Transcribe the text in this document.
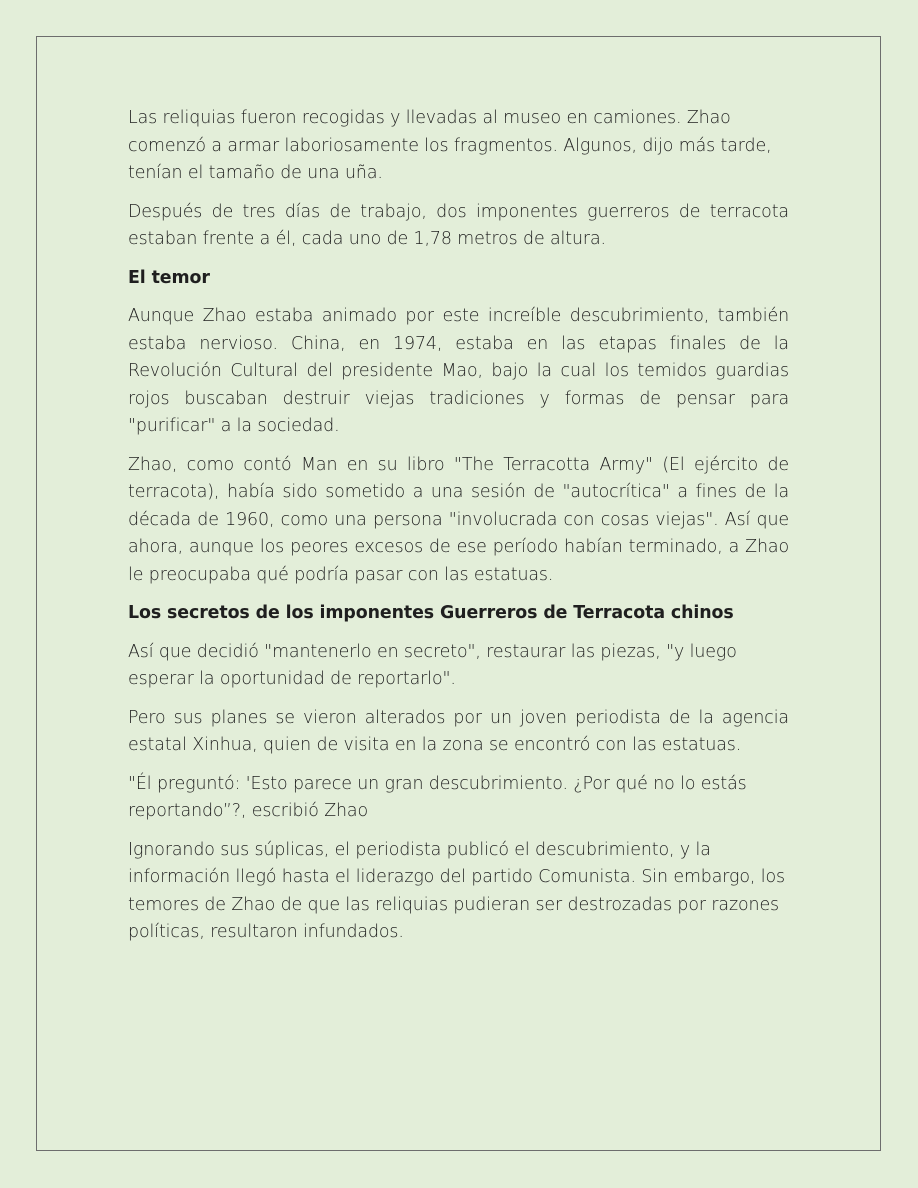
Las reliquias fueron recogidas y llevadas al museo en camiones. Zhao comenzó a armar laboriosamente los fragmentos. Algunos, dijo más tarde, tenían el tamaño de una uña.

Después de tres días de trabajo, dos imponentes guerreros de terracota estaban frente a él, cada uno de 1,78 metros de altura.

El temor

Aunque Zhao estaba animado por este increíble descubrimiento, también estaba nervioso. China, en 1974, estaba en las etapas finales de la Revolución Cultural del presidente Mao, bajo la cual los temidos guardias rojos buscaban destruir viejas tradiciones y formas de pensar para "purificar" a la sociedad.

Zhao, como contó Man en su libro "The Terracotta Army" (El ejército de terracota), había sido sometido a una sesión de "autocrítica" a fines de la década de 1960, como una persona "involucrada con cosas viejas". Así que ahora, aunque los peores excesos de ese período habían terminado, a Zhao le preocupaba qué podría pasar con las estatuas.

Los secretos de los imponentes Guerreros de Terracota chinos

Así que decidió "mantenerlo en secreto", restaurar las piezas, "y luego esperar la oportunidad de reportarlo".

Pero sus planes se vieron alterados por un joven periodista de la agencia estatal Xinhua, quien de visita en la zona se encontró con las estatuas.

"Él preguntó: 'Esto parece un gran descubrimiento. ¿Por qué no lo estás reportando”?, escribió Zhao

Ignorando sus súplicas, el periodista publicó el descubrimiento, y la información llegó hasta el liderazgo del partido Comunista. Sin embargo, los temores de Zhao de que las reliquias pudieran ser destrozadas por razones políticas, resultaron infundados.
